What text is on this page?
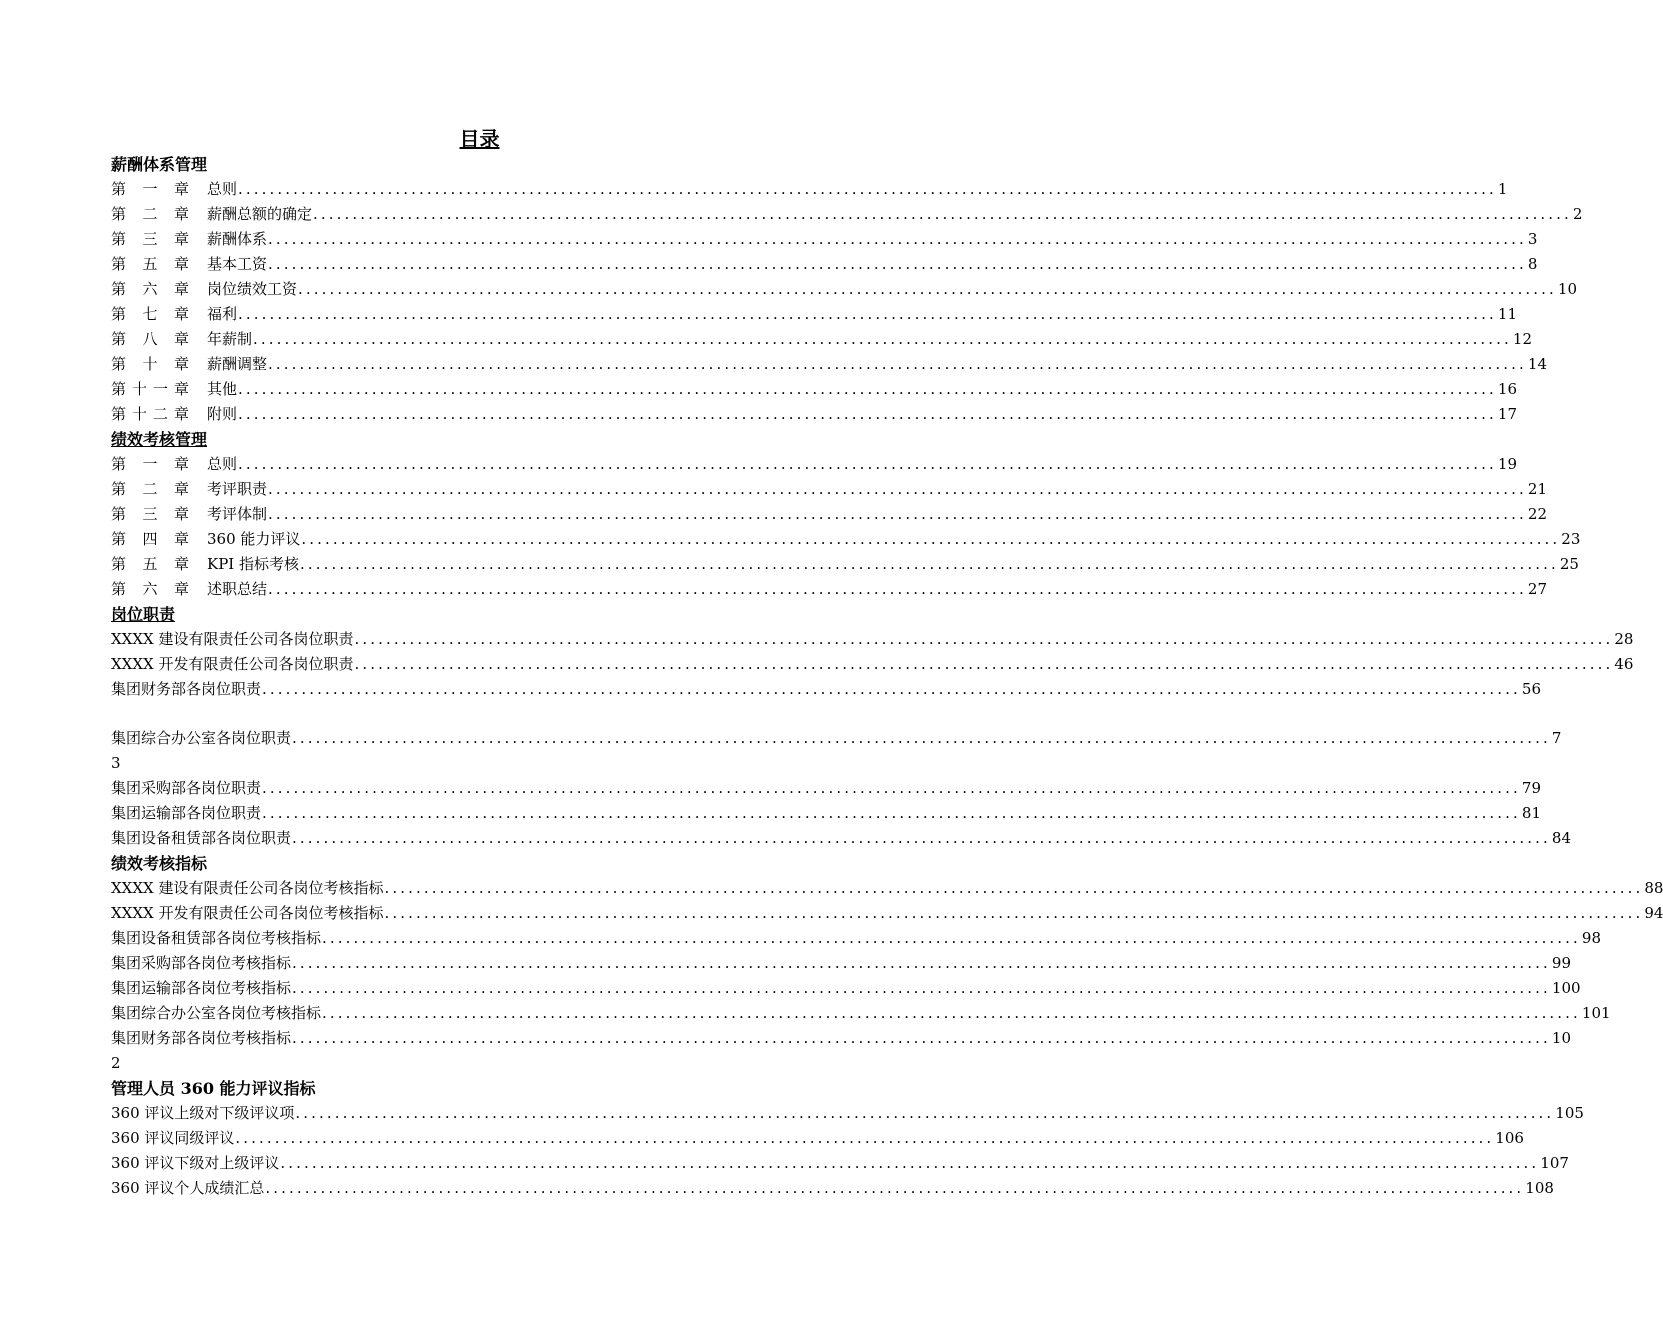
目录
薪酬体系管理
第 一 章 总则 ................................................................................................................................................................ 1
第 二 章 薪酬总额的确定 ................................................................................................................................................................ 2
第 三 章 薪酬体系 ................................................................................................................................................................ 3
第 五 章 基本工资 ................................................................................................................................................................ 8
第 六 章 岗位绩效工资 ................................................................................................................................................................ 10
第 七 章 福利 ................................................................................................................................................................ 11
第 八 章 年薪制 ................................................................................................................................................................ 12
第 十 章 薪酬调整 ................................................................................................................................................................ 14
第 十 一 章 其他 ................................................................................................................................................................ 16
第 十 二 章 附则 ................................................................................................................................................................ 17
绩效考核管理
第 一 章 总则 ................................................................................................................................................................ 19
第 二 章 考评职责 ................................................................................................................................................................ 21
第 三 章 考评体制 ................................................................................................................................................................ 22
第 四 章 360 能力评议 ................................................................................................................................................................ 23
第 五 章 KPI 指标考核 ................................................................................................................................................................ 25
第 六 章 述职总结 ................................................................................................................................................................ 27
岗位职责
XXXX 建设有限责任公司各岗位职责 ................................................................................................................................................................ 28
XXXX 开发有限责任公司各岗位职责 ................................................................................................................................................................ 46
集团财务部各岗位职责 ................................................................................................................................................................ 56
集团综合办公室各岗位职责 ................................................................................................................................................................ 7
3
集团采购部各岗位职责 ................................................................................................................................................................ 79
集团运输部各岗位职责 ................................................................................................................................................................ 81
集团设备租赁部各岗位职责 ................................................................................................................................................................ 84
绩效考核指标
XXXX 建设有限责任公司各岗位考核指标 ................................................................................................................................................................ 88
XXXX 开发有限责任公司各岗位考核指标 ................................................................................................................................................................ 94
集团设备租赁部各岗位考核指标 ................................................................................................................................................................ 98
集团采购部各岗位考核指标 ................................................................................................................................................................ 99
集团运输部各岗位考核指标 ................................................................................................................................................................ 100
集团综合办公室各岗位考核指标 ................................................................................................................................................................ 101
集团财务部各岗位考核指标 ................................................................................................................................................................ 10
2
管理人员 360 能力评议指标
360 评议上级对下级评议项 ................................................................................................................................................................ 105
360 评议同级评议 ................................................................................................................................................................ 106
360 评议下级对上级评议 ................................................................................................................................................................ 107
360 评议个人成绩汇总 ................................................................................................................................................................ 108
